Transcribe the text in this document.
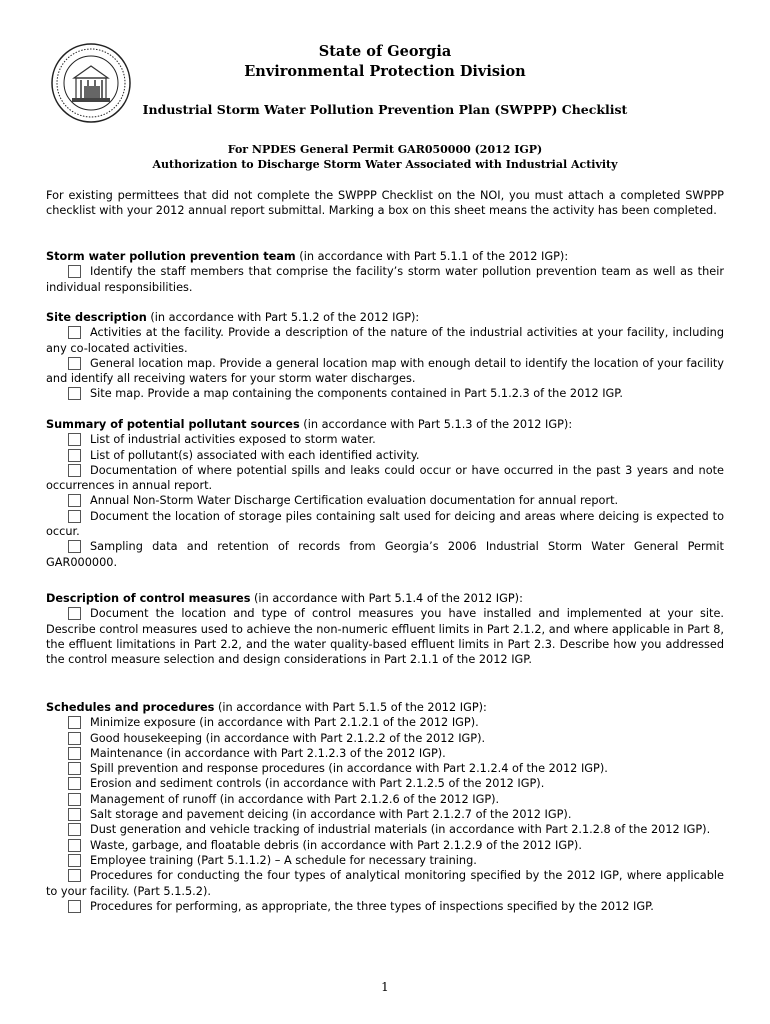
State of Georgia
Environmental Protection Division
Industrial Storm Water Pollution Prevention Plan (SWPPP) Checklist
For NPDES General Permit GAR050000 (2012 IGP)
Authorization to Discharge Storm Water Associated with Industrial Activity
For existing permittees that did not complete the SWPPP Checklist on the NOI, you must attach a completed SWPPP checklist with your 2012 annual report submittal. Marking a box on this sheet means the activity has been completed.
Storm water pollution prevention team (in accordance with Part 5.1.1 of the 2012 IGP):
Identify the staff members that comprise the facility’s storm water pollution prevention team as well as their individual responsibilities.
Site description (in accordance with Part 5.1.2 of the 2012 IGP):
Activities at the facility. Provide a description of the nature of the industrial activities at your facility, including any co-located activities.
General location map. Provide a general location map with enough detail to identify the location of your facility and identify all receiving waters for your storm water discharges.
Site map. Provide a map containing the components contained in Part 5.1.2.3 of the 2012 IGP.
Summary of potential pollutant sources (in accordance with Part 5.1.3 of the 2012 IGP):
List of industrial activities exposed to storm water.
List of pollutant(s) associated with each identified activity.
Documentation of where potential spills and leaks could occur or have occurred in the past 3 years and note occurrences in annual report.
Annual Non-Storm Water Discharge Certification evaluation documentation for annual report.
Document the location of storage piles containing salt used for deicing and areas where deicing is expected to occur.
Sampling data and retention of records from Georgia’s 2006 Industrial Storm Water General Permit GAR000000.
Description of control measures (in accordance with Part 5.1.4 of the 2012 IGP):
Document the location and type of control measures you have installed and implemented at your site. Describe control measures used to achieve the non-numeric effluent limits in Part 2.1.2, and where applicable in Part 8, the effluent limitations in Part 2.2, and the water quality-based effluent limits in Part 2.3. Describe how you addressed the control measure selection and design considerations in Part 2.1.1 of the 2012 IGP.
Schedules and procedures (in accordance with Part 5.1.5 of the 2012 IGP):
Minimize exposure (in accordance with Part 2.1.2.1 of the 2012 IGP).
Good housekeeping (in accordance with Part 2.1.2.2 of the 2012 IGP).
Maintenance (in accordance with Part 2.1.2.3 of the 2012 IGP).
Spill prevention and response procedures (in accordance with Part 2.1.2.4 of the 2012 IGP).
Erosion and sediment controls (in accordance with Part 2.1.2.5 of the 2012 IGP).
Management of runoff (in accordance with Part 2.1.2.6 of the 2012 IGP).
Salt storage and pavement deicing (in accordance with Part 2.1.2.7 of the 2012 IGP).
Dust generation and vehicle tracking of industrial materials (in accordance with Part 2.1.2.8 of the 2012 IGP).
Waste, garbage, and floatable debris (in accordance with Part 2.1.2.9 of the 2012 IGP).
Employee training (Part 5.1.1.2) – A schedule for necessary training.
Procedures for conducting the four types of analytical monitoring specified by the 2012 IGP, where applicable to your facility. (Part 5.1.5.2).
Procedures for performing, as appropriate, the three types of inspections specified by the 2012 IGP.
1
